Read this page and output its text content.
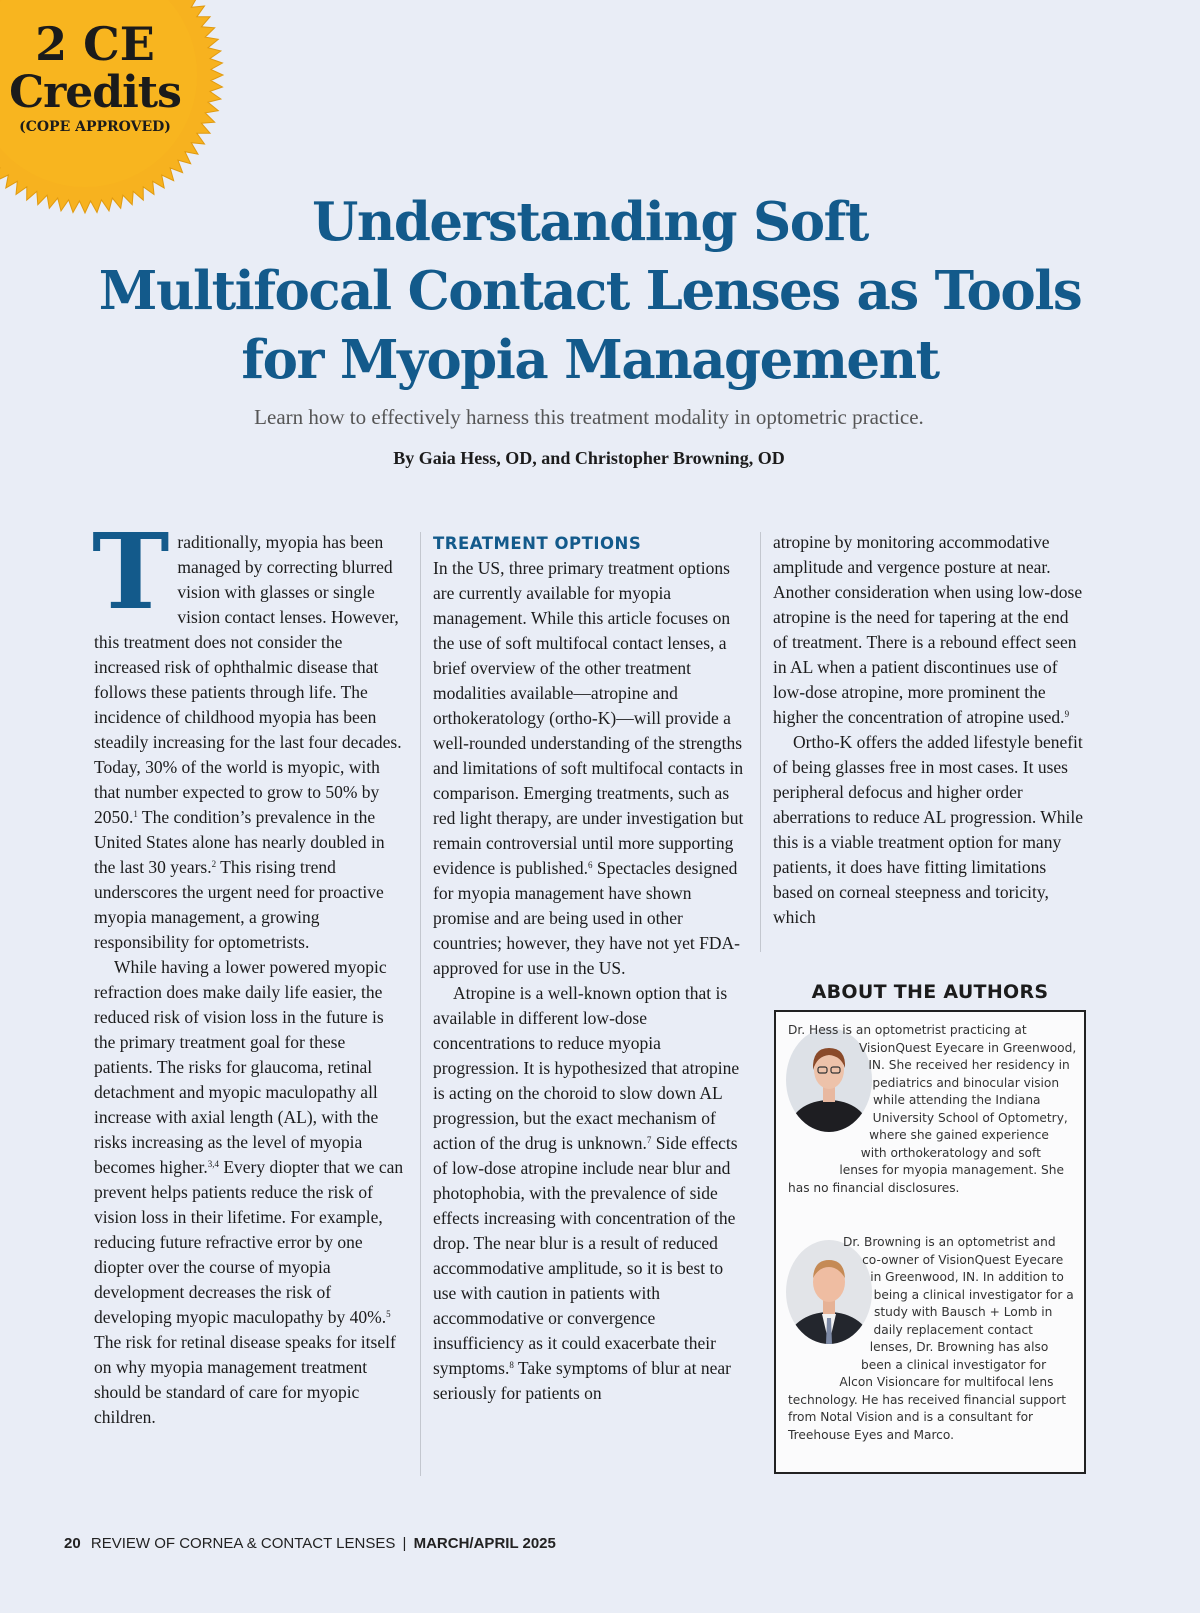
2 CE
Credits
(COPE APPROVED)
Understanding Soft
Multifocal Contact Lenses as Tools
for Myopia Management

Learn how to effectively harness this treatment modality in optometric practice.

By Gaia Hess, OD, and Christopher Browning, OD

Traditionally, myopia has been managed by correcting blurred vision with glasses or single vision contact lenses. However, this treatment does not consider the increased risk of ophthalmic disease that follows these patients through life. The incidence of childhood myopia has been steadily increasing for the last four decades. Today, 30% of the world is myopic, with that number expected to grow to 50% by 2050.$^1$ The condition’s prevalence in the United States alone has nearly doubled in the last 30 years.$^2$ This rising trend underscores the urgent need for proactive myopia management, a growing responsibility for optometrists.

While having a lower powered myopic refraction does make daily life easier, the reduced risk of vision loss in the future is the primary treatment goal for these patients. The risks for glaucoma, retinal detachment and myopic maculopathy all increase with axial length (AL), with the risks increasing as the level of myopia becomes higher.$^{3,4}$ Every diopter that we can prevent helps patients reduce the risk of vision loss in their lifetime. For example, reducing future refractive error by one diopter over the course of myopia development decreases the risk of developing myopic maculopathy by 40%.$^5$ The risk for retinal disease speaks for itself on why myopia management treatment should be standard of care for myopic children.

TREATMENT OPTIONS

In the US, three primary treatment options are currently available for myopia management. While this article focuses on the use of soft multifocal contact lenses, a brief overview of the other treatment modalities available—atropine and orthokeratology (ortho-K)—will provide a well-rounded understanding of the strengths and limitations of soft multifocal contacts in comparison. Emerging treatments, such as red light therapy, are under investigation but remain controversial until more supporting evidence is published.$^6$ Spectacles designed for myopia management have shown promise and are being used in other countries; however, they have not yet FDA-approved for use in the US.

Atropine is a well-known option that is available in different low-dose concentrations to reduce myopia progression. It is hypothesized that atropine is acting on the choroid to slow down AL progression, but the exact mechanism of action of the drug is unknown.$^7$ Side effects of low-dose atropine include near blur and photophobia, with the prevalence of side effects increasing with concentration of the drop. The near blur is a result of reduced accommodative amplitude, so it is best to use with caution in patients with accommodative or convergence insufficiency as it could exacerbate their symptoms.$^8$ Take symptoms of blur at near seriously for patients on

atropine by monitoring accommodative amplitude and vergence posture at near. Another consideration when using low-dose atropine is the need for tapering at the end of treatment. There is a rebound effect seen in AL when a patient discontinues use of low-dose atropine, more prominent the higher the concentration of atropine used.$^9$

Ortho-K offers the added lifestyle benefit of being glasses free in most cases. It uses peripheral defocus and higher order aberrations to reduce AL progression. While this is a viable treatment option for many patients, it does have fitting limitations based on corneal steepness and toricity, which

ABOUT THE AUTHORS

Dr. Hess is an optometrist practicing at VisionQuest Eyecare in Greenwood, IN. She received her residency in pediatrics and binocular vision while attending the Indiana University School of Optometry, where she gained experience with orthokeratology and soft lenses for myopia management. She has no financial disclosures.

Dr. Browning is an optometrist and co-owner of VisionQuest Eyecare in Greenwood, IN. In addition to being a clinical investigator for a study with Bausch + Lomb in daily replacement contact lenses, Dr. Browning has also been a clinical investigator for Alcon Visioncare for multifocal lens technology. He has received financial support from Notal Vision and is a consultant for Treehouse Eyes and Marco.

20 REVIEW OF CORNEA & CONTACT LENSES | MARCH/APRIL 2025
